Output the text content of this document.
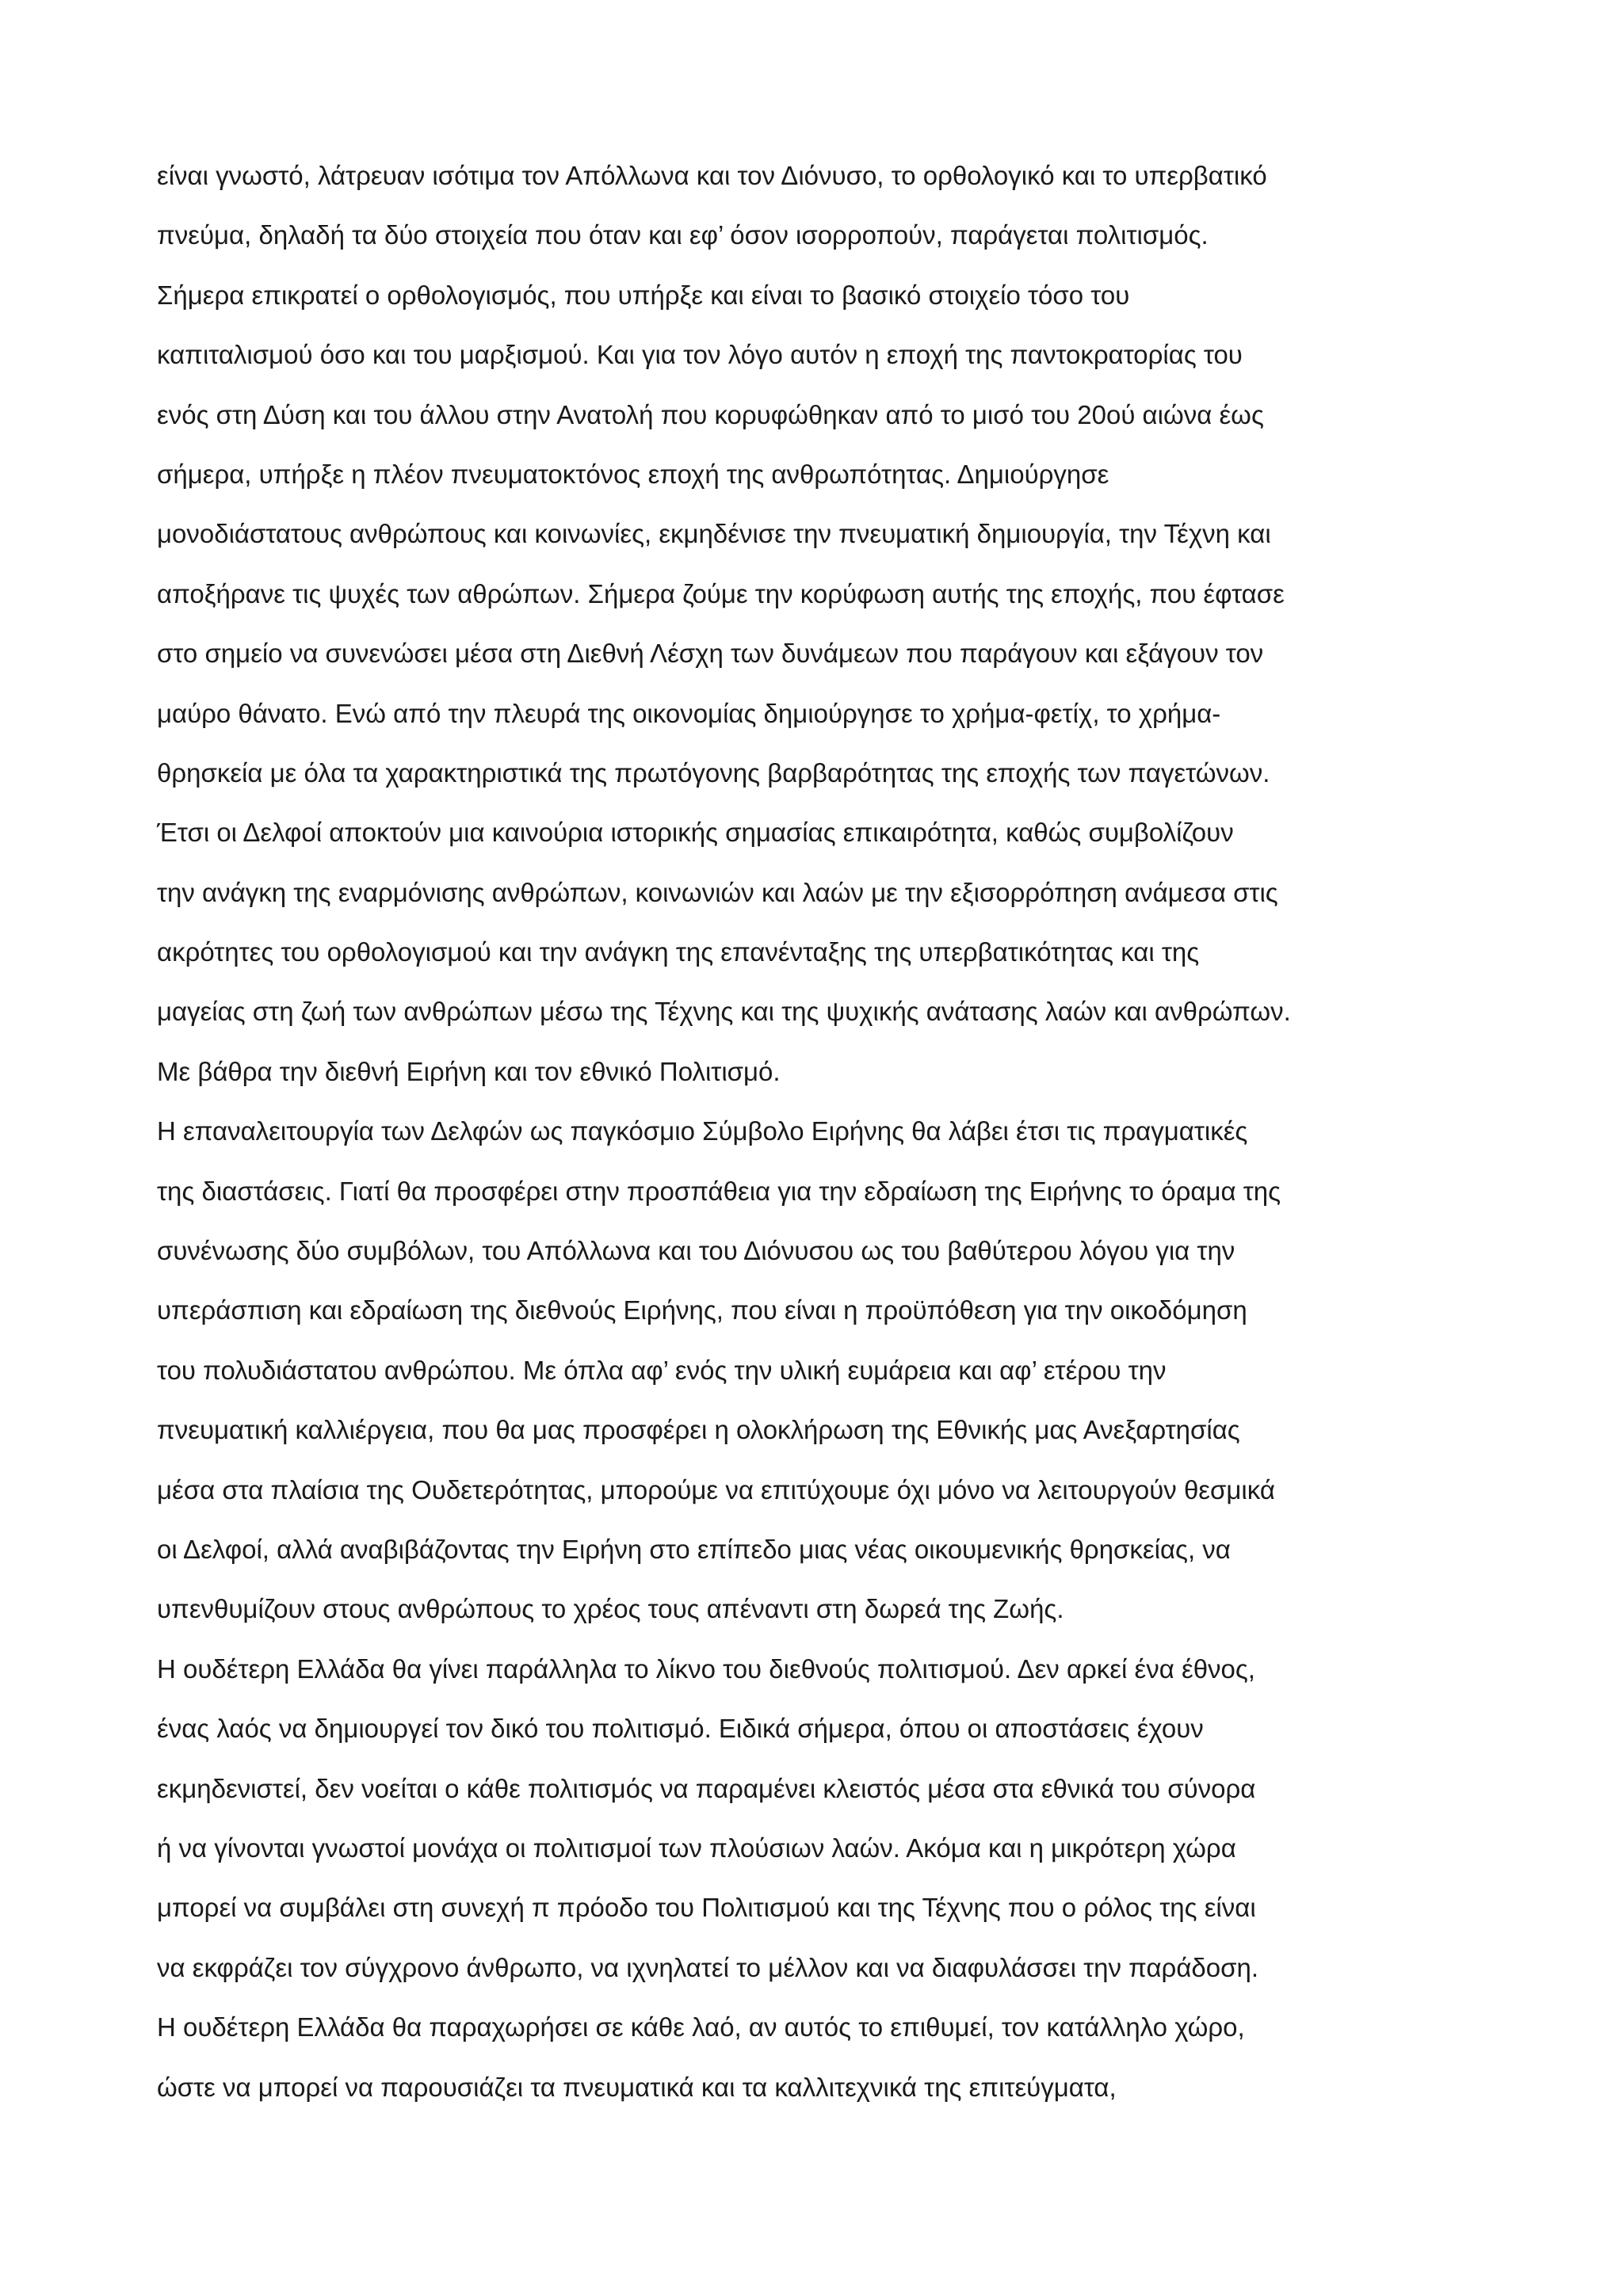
είναι γνωστό, λάτρευαν ισότιμα τον Απόλλωνα και τον Διόνυσο, το ορθολογικό και το υπερβατικό
πνεύμα, δηλαδή τα δύο στοιχεία που όταν και εφ’ όσον ισορροπούν, παράγεται πολιτισμός.
Σήμερα επικρατεί ο ορθολογισμός, που υπήρξε και είναι το βασικό στοιχείο τόσο του
καπιταλισμού όσο και του μαρξισμού. Και για τον λόγο αυτόν η εποχή της παντοκρατορίας του
ενός στη Δύση και του άλλου στην Ανατολή που κορυφώθηκαν από το μισό του 20ού αιώνα έως
σήμερα, υπήρξε η πλέον πνευματοκτόνος εποχή της ανθρωπότητας. Δημιούργησε
μονοδιάστατους ανθρώπους και κοινωνίες, εκμηδένισε την πνευματική δημιουργία, την Τέχνη και
αποξήρανε τις ψυχές των αθρώπων. Σήμερα ζούμε την κορύφωση αυτής της εποχής, που έφτασε
στο σημείο να συνενώσει μέσα στη Διεθνή Λέσχη των δυνάμεων που παράγουν και εξάγουν τον
μαύρο θάνατο. Ενώ από την πλευρά της οικονομίας δημιούργησε το χρήμα-φετίχ, το χρήμα-
θρησκεία με όλα τα χαρακτηριστικά της πρωτόγονης βαρβαρότητας της εποχής των παγετώνων.
Έτσι οι Δελφοί αποκτούν μια καινούρια ιστορικής σημασίας επικαιρότητα, καθώς συμβολίζουν
την ανάγκη της εναρμόνισης ανθρώπων, κοινωνιών και λαών με την εξισορρόπηση ανάμεσα στις
ακρότητες του ορθολογισμού και την ανάγκη της επανένταξης της υπερβατικότητας και της
μαγείας στη ζωή των ανθρώπων μέσω της Τέχνης και της ψυχικής ανάτασης λαών και ανθρώπων.
Με βάθρα την διεθνή Ειρήνη και τον εθνικό Πολιτισμό.
Η επαναλειτουργία των Δελφών ως παγκόσμιο Σύμβολο Ειρήνης θα λάβει έτσι τις πραγματικές
της διαστάσεις. Γιατί θα προσφέρει στην προσπάθεια για την εδραίωση της Ειρήνης το όραμα της
συνένωσης δύο συμβόλων, του Απόλλωνα και του Διόνυσου ως του βαθύτερου λόγου για την
υπεράσπιση και εδραίωση της διεθνούς Ειρήνης, που είναι η προϋπόθεση για την οικοδόμηση
του πολυδιάστατου ανθρώπου. Με όπλα αφ’ ενός την υλική ευμάρεια και αφ’ ετέρου την
πνευματική καλλιέργεια, που θα μας προσφέρει η ολοκλήρωση της Εθνικής μας Ανεξαρτησίας
μέσα στα πλαίσια της Ουδετερότητας, μπορούμε να επιτύχουμε όχι μόνο να λειτουργούν θεσμικά
οι Δελφοί, αλλά αναβιβάζοντας την Ειρήνη στο επίπεδο μιας νέας οικουμενικής θρησκείας, να
υπενθυμίζουν στους ανθρώπους το χρέος τους απέναντι στη δωρεά της Ζωής.
Η ουδέτερη Ελλάδα θα γίνει παράλληλα το λίκνο του διεθνούς πολιτισμού. Δεν αρκεί ένα έθνος,
ένας λαός να δημιουργεί τον δικό του πολιτισμό. Ειδικά σήμερα, όπου οι αποστάσεις έχουν
εκμηδενιστεί, δεν νοείται ο κάθε πολιτισμός να παραμένει κλειστός μέσα στα εθνικά του σύνορα
ή να γίνονται γνωστοί μονάχα οι πολιτισμοί των πλούσιων λαών. Ακόμα και η μικρότερη χώρα
μπορεί να συμβάλει στη συνεχή π πρόοδο του Πολιτισμού και της Τέχνης που ο ρόλος της είναι
να εκφράζει τον σύγχρονο άνθρωπο, να ιχνηλατεί το μέλλον και να διαφυλάσσει την παράδοση.
Η ουδέτερη Ελλάδα θα παραχωρήσει σε κάθε λαό, αν αυτός το επιθυμεί, τον κατάλληλο χώρο,
ώστε να μπορεί να παρουσιάζει τα πνευματικά και τα καλλιτεχνικά της επιτεύγματα,
